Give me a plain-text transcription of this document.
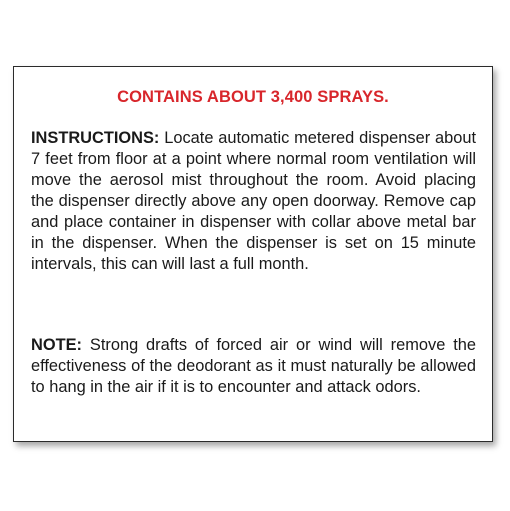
CONTAINS ABOUT 3,400 SPRAYS.
INSTRUCTIONS: Locate automatic metered dispenser about 7 feet from floor at a point where normal room ventilation will move the aerosol mist throughout the room. Avoid placing the dispenser directly above any open doorway. Remove cap and place container in dispenser with collar above metal bar in the dispenser. When the dispenser is set on 15 minute intervals, this can will last a full month.
NOTE: Strong drafts of forced air or wind will remove the effectiveness of the deodorant as it must naturally be allowed to hang in the air if it is to encounter and attack odors.
